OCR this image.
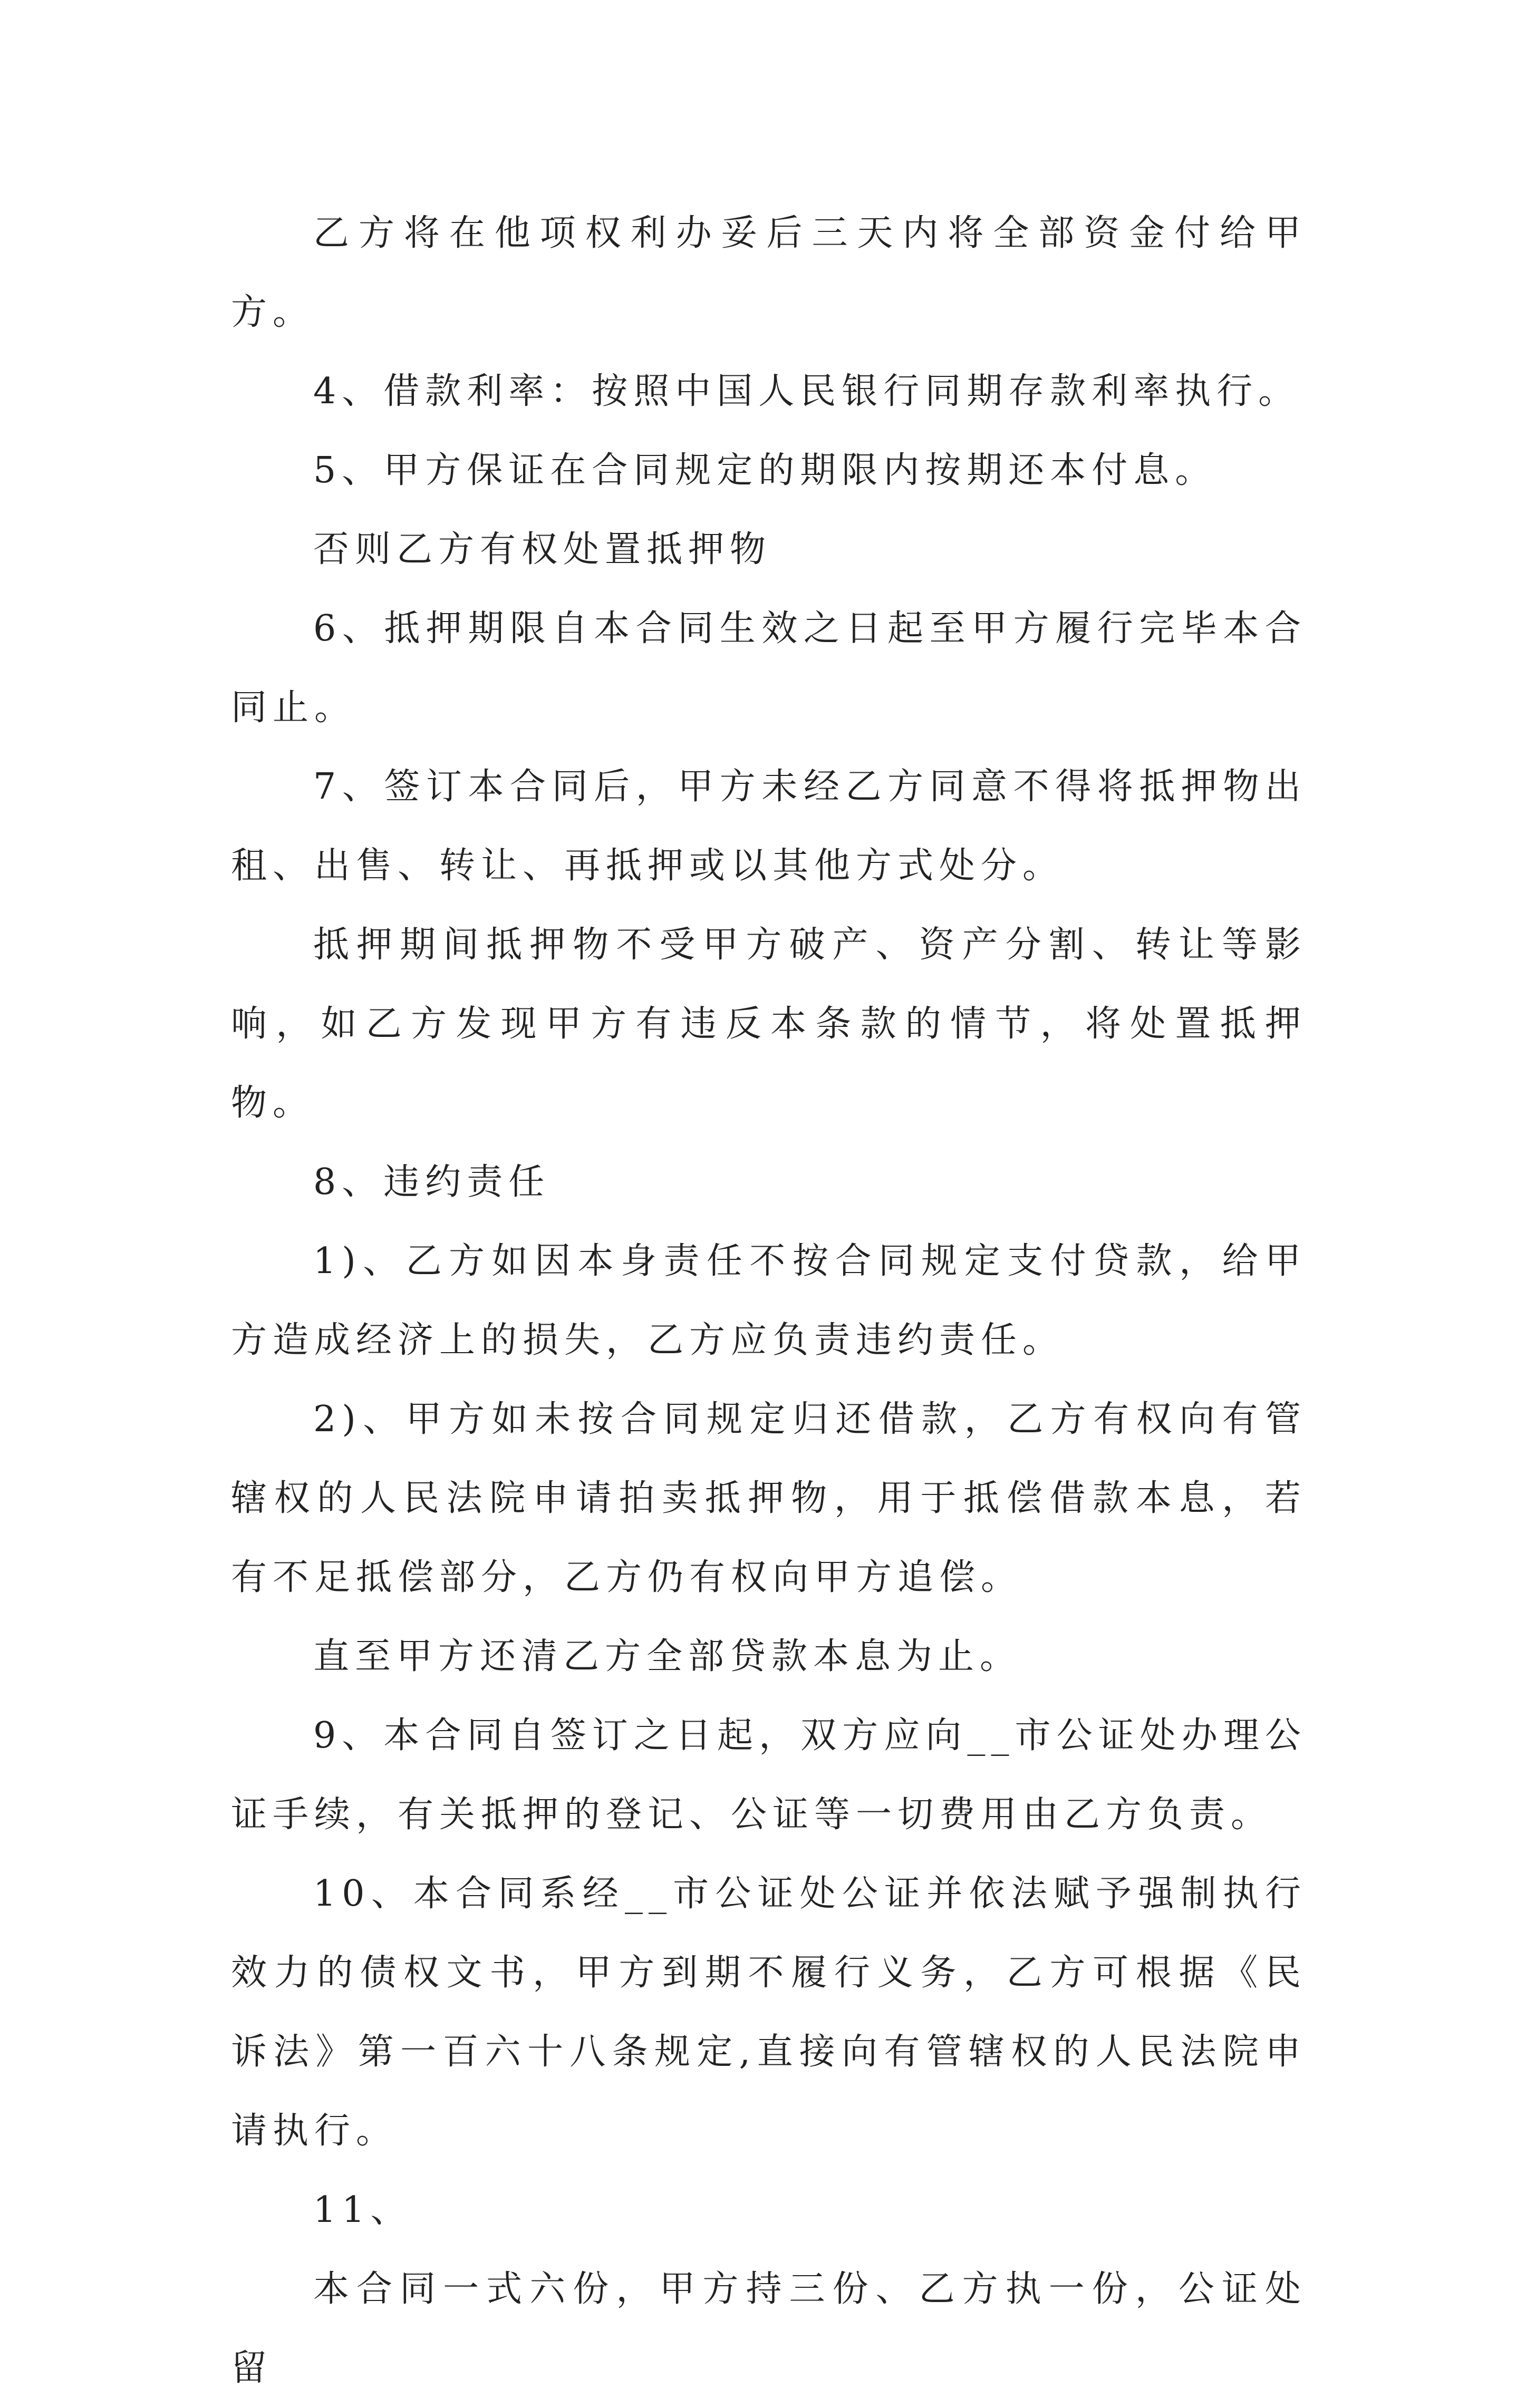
乙方将在他项权利办妥后三天内将全部资金付给甲方。

4、借款利率：按照中国人民银行同期存款利率执行。

5、甲方保证在合同规定的期限内按期还本付息。

否则乙方有权处置抵押物

6、抵押期限自本合同生效之日起至甲方履行完毕本合同止。

7、签订本合同后，甲方未经乙方同意不得将抵押物出租、出售、转让、再抵押或以其他方式处分。

抵押期间抵押物不受甲方破产、资产分割、转让等影响，如乙方发现甲方有违反本条款的情节，将处置抵押物。

8、违约责任

1)、乙方如因本身责任不按合同规定支付贷款，给甲方造成经济上的损失，乙方应负责违约责任。

2)、甲方如未按合同规定归还借款，乙方有权向有管辖权的人民法院申请拍卖抵押物，用于抵偿借款本息，若有不足抵偿部分，乙方仍有权向甲方追偿。

直至甲方还清乙方全部贷款本息为止。

9、本合同自签订之日起，双方应向__市公证处办理公证手续，有关抵押的登记、公证等一切费用由乙方负责。

10、本合同系经__市公证处公证并依法赋予强制执行效力的债权文书，甲方到期不履行义务，乙方可根据《民诉法》第一百六十八条规定,直接向有管辖权的人民法院申请执行。

11、

本合同一式六份，甲方持三份、乙方执一份，公证处留
